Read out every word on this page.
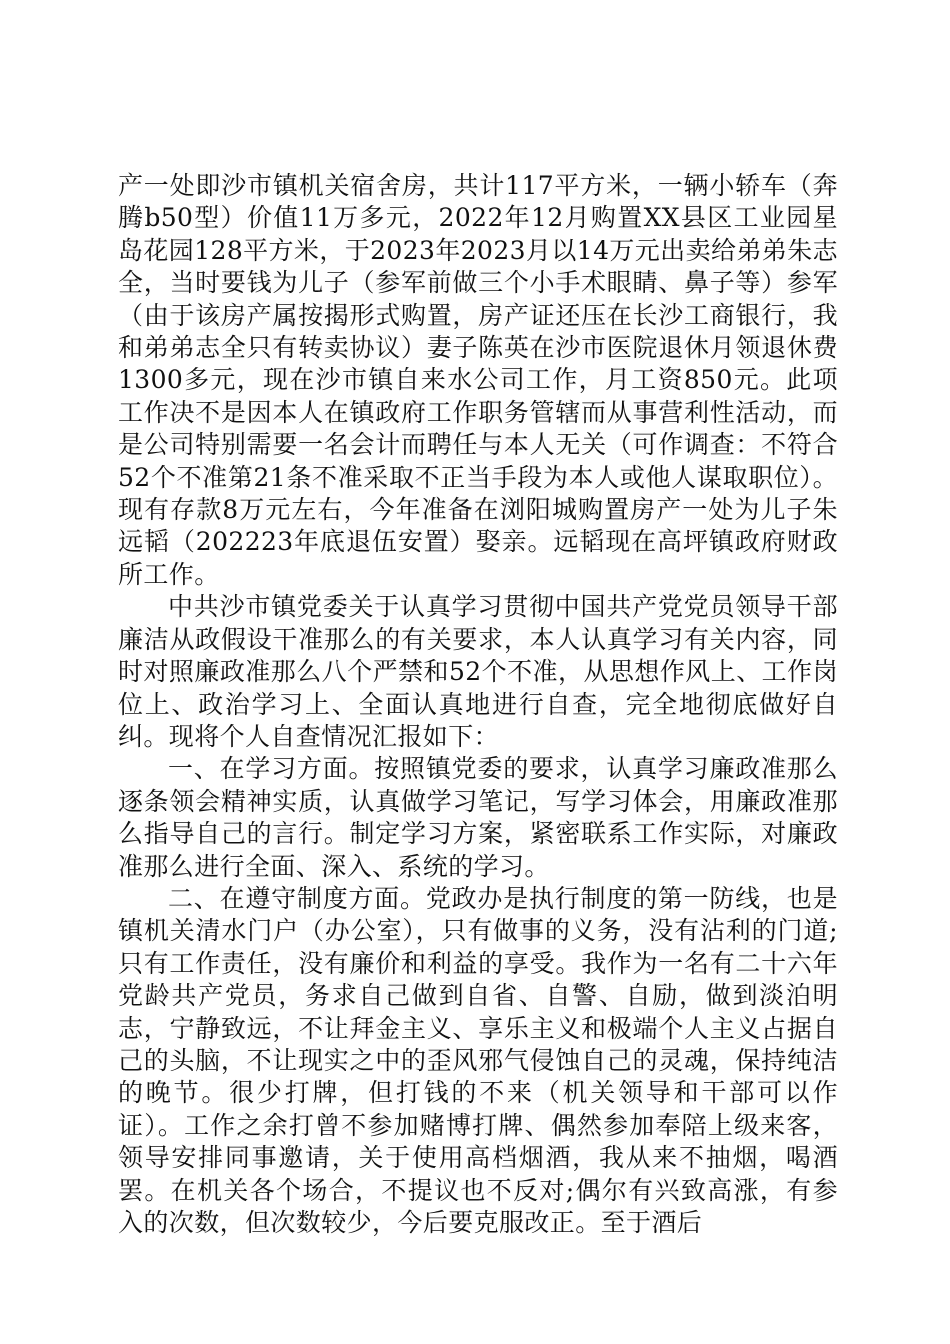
产一处即沙市镇机关宿舍房，共计117平方米，一辆小轿车（奔腾b50型）价值11万多元，2022年12月购置XX县区工业园星岛花园128平方米，于2023年2023月以14万元出卖给弟弟朱志全，当时要钱为儿子（参军前做三个小手术眼睛、鼻子等）参军（由于该房产属按揭形式购置，房产证还压在长沙工商银行，我和弟弟志全只有转卖协议）妻子陈英在沙市医院退休月领退休费1300多元，现在沙市镇自来水公司工作，月工资850元。此项工作决不是因本人在镇政府工作职务管辖而从事营利性活动，而是公司特别需要一名会计而聘任与本人无关（可作调查：不符合52个不准第21条不准采取不正当手段为本人或他人谋取职位）。现有存款8万元左右，今年准备在浏阳城购置房产一处为儿子朱远韬（202223年底退伍安置）娶亲。远韬现在高坪镇政府财政所工作。

中共沙市镇党委关于认真学习贯彻中国共产党党员领导干部廉洁从政假设干准那么的有关要求，本人认真学习有关内容，同时对照廉政准那么八个严禁和52个不准，从思想作风上、工作岗位上、政治学习上、全面认真地进行自查，完全地彻底做好自纠。现将个人自查情况汇报如下：

一、在学习方面。按照镇党委的要求，认真学习廉政准那么逐条领会精神实质，认真做学习笔记，写学习体会，用廉政准那么指导自己的言行。制定学习方案，紧密联系工作实际，对廉政准那么进行全面、深入、系统的学习。

二、在遵守制度方面。党政办是执行制度的第一防线，也是镇机关清水门户（办公室），只有做事的义务，没有沾利的门道;只有工作责任，没有廉价和利益的享受。我作为一名有二十六年党龄共产党员，务求自己做到自省、自警、自励，做到淡泊明志，宁静致远，不让拜金主义、享乐主义和极端个人主义占据自己的头脑，不让现实之中的歪风邪气侵蚀自己的灵魂，保持纯洁的晚节。很少打牌，但打钱的不来（机关领导和干部可以作证）。工作之余打曾不参加赌博打牌、偶然参加奉陪上级来客，领导安排同事邀请，关于使用高档烟酒，我从来不抽烟，喝酒罢。在机关各个场合，不提议也不反对;偶尔有兴致高涨，有参入的次数，但次数较少，今后要克服改正。至于酒后
